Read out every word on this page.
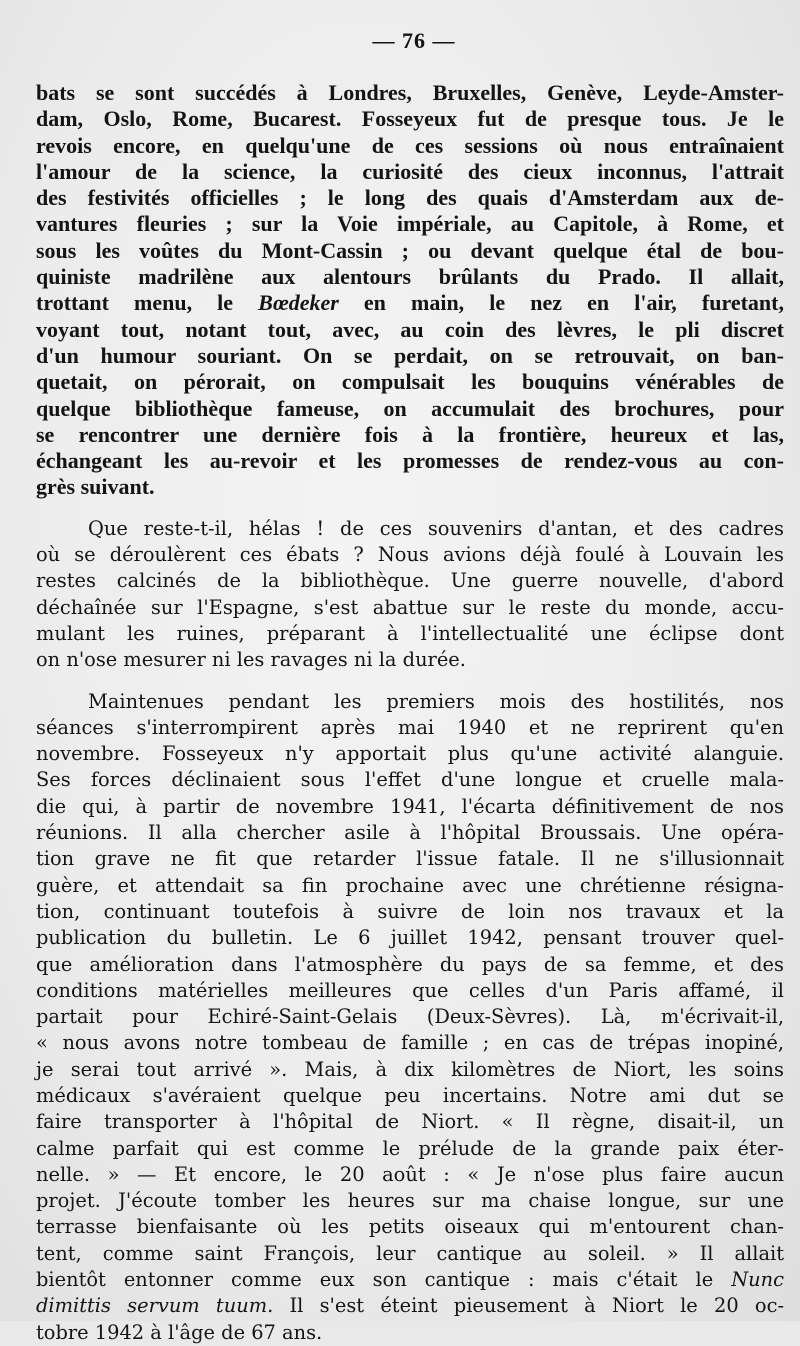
— 76 —
bats se sont succédés à Londres, Bruxelles, Genève, Leyde-Amster-
dam, Oslo, Rome, Bucarest. Fosseyeux fut de presque tous. Je le
revois encore, en quelqu'une de ces sessions où nous entraînaient
l'amour de la science, la curiosité des cieux inconnus, l'attrait
des festivités officielles ; le long des quais d'Amsterdam aux de-
vantures fleuries ; sur la Voie impériale, au Capitole, à Rome, et
sous les voûtes du Mont-Cassin ; ou devant quelque étal de bou-
quiniste madrilène aux alentours brûlants du Prado. Il allait,
trottant menu, le Bœdeker en main, le nez en l'air, furetant,
voyant tout, notant tout, avec, au coin des lèvres, le pli discret
d'un humour souriant. On se perdait, on se retrouvait, on ban-
quetait, on pérorait, on compulsait les bouquins vénérables de
quelque bibliothèque fameuse, on accumulait des brochures, pour
se rencontrer une dernière fois à la frontière, heureux et las,
échangeant les au-revoir et les promesses de rendez-vous au con-
grès suivant.
Que reste-t-il, hélas ! de ces souvenirs d'antan, et des cadres
où se déroulèrent ces ébats ? Nous avions déjà foulé à Louvain les
restes calcinés de la bibliothèque. Une guerre nouvelle, d'abord
déchaînée sur l'Espagne, s'est abattue sur le reste du monde, accu-
mulant les ruines, préparant à l'intellectualité une éclipse dont
on n'ose mesurer ni les ravages ni la durée.
Maintenues pendant les premiers mois des hostilités, nos
séances s'interrompirent après mai 1940 et ne reprirent qu'en
novembre. Fosseyeux n'y apportait plus qu'une activité alanguie.
Ses forces déclinaient sous l'effet d'une longue et cruelle mala-
die qui, à partir de novembre 1941, l'écarta définitivement de nos
réunions. Il alla chercher asile à l'hôpital Broussais. Une opéra-
tion grave ne fit que retarder l'issue fatale. Il ne s'illusionnait
guère, et attendait sa fin prochaine avec une chrétienne résigna-
tion, continuant toutefois à suivre de loin nos travaux et la
publication du bulletin. Le 6 juillet 1942, pensant trouver quel-
que amélioration dans l'atmosphère du pays de sa femme, et des
conditions matérielles meilleures que celles d'un Paris affamé, il
partait pour Echiré-Saint-Gelais (Deux-Sèvres). Là, m'écrivait-il,
« nous avons notre tombeau de famille ; en cas de trépas inopiné,
je serai tout arrivé ». Mais, à dix kilomètres de Niort, les soins
médicaux s'avéraient quelque peu incertains. Notre ami dut se
faire transporter à l'hôpital de Niort. « Il règne, disait-il, un
calme parfait qui est comme le prélude de la grande paix éter-
nelle. » — Et encore, le 20 août : « Je n'ose plus faire aucun
projet. J'écoute tomber les heures sur ma chaise longue, sur une
terrasse bienfaisante où les petits oiseaux qui m'entourent chan-
tent, comme saint François, leur cantique au soleil. » Il allait
bientôt entonner comme eux son cantique : mais c'était le Nunc
dimittis servum tuum. Il s'est éteint pieusement à Niort le 20 oc-
tobre 1942 à l'âge de 67 ans.
